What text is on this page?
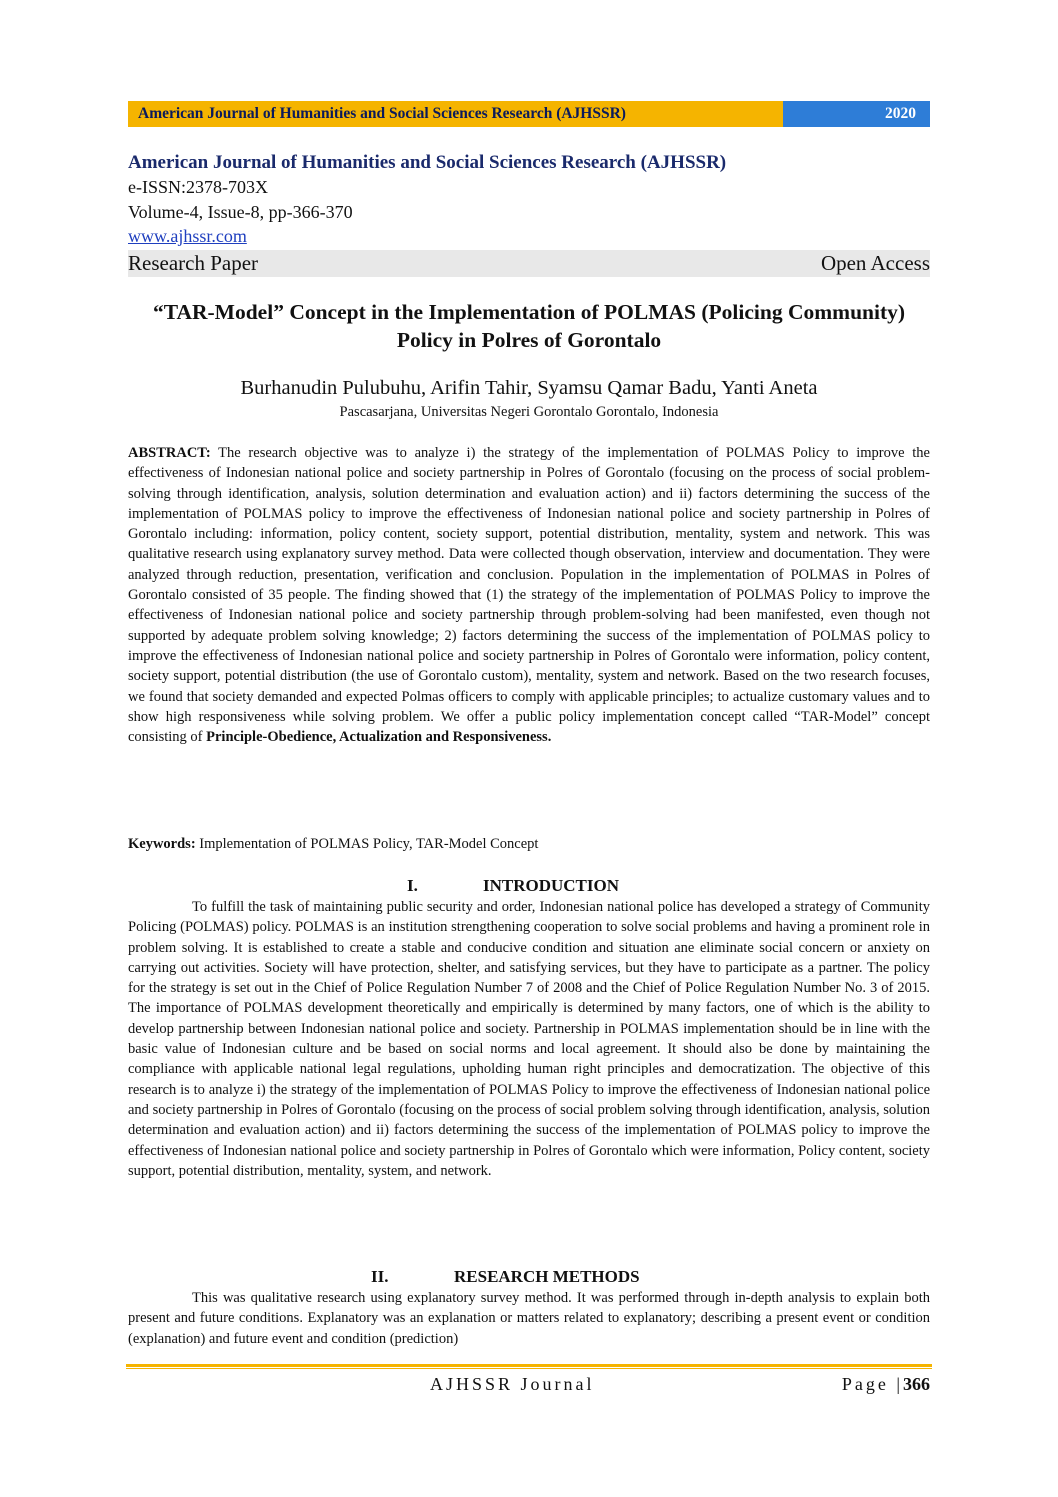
American Journal of Humanities and Social Sciences Research (AJHSSR)	2020
American Journal of Humanities and Social Sciences Research (AJHSSR)
e-ISSN:2378-703X
Volume-4, Issue-8, pp-366-370
www.ajhssr.com
Research Paper	Open Access
“TAR-Model” Concept in the Implementation of POLMAS (Policing Community) Policy in Polres of Gorontalo
Burhanudin Pulubuhu, Arifin Tahir, Syamsu Qamar Badu, Yanti Aneta
Pascasarjana, Universitas Negeri Gorontalo Gorontalo, Indonesia
ABSTRACT: The research objective was to analyze i) the strategy of the implementation of POLMAS Policy to improve the effectiveness of Indonesian national police and society partnership in Polres of Gorontalo (focusing on the process of social problem-solving through identification, analysis, solution determination and evaluation action) and ii) factors determining the success of the implementation of POLMAS policy to improve the effectiveness of Indonesian national police and society partnership in Polres of Gorontalo including: information, policy content, society support, potential distribution, mentality, system and network. This was qualitative research using explanatory survey method. Data were collected though observation, interview and documentation. They were analyzed through reduction, presentation, verification and conclusion. Population in the implementation of POLMAS in Polres of Gorontalo consisted of 35 people. The finding showed that (1) the strategy of the implementation of POLMAS Policy to improve the effectiveness of Indonesian national police and society partnership through problem-solving had been manifested, even though not supported by adequate problem solving knowledge; 2) factors determining the success of the implementation of POLMAS policy to improve the effectiveness of Indonesian national police and society partnership in Polres of Gorontalo were information, policy content, society support, potential distribution (the use of Gorontalo custom), mentality, system and network. Based on the two research focuses, we found that society demanded and expected Polmas officers to comply with applicable principles; to actualize customary values and to show high responsiveness while solving problem. We offer a public policy implementation concept called “TAR-Model” concept consisting of Principle-Obedience, Actualization and Responsiveness.
Keywords: Implementation of POLMAS Policy, TAR-Model Concept
I.	INTRODUCTION
To fulfill the task of maintaining public security and order, Indonesian national police has developed a strategy of Community Policing (POLMAS) policy. POLMAS is an institution strengthening cooperation to solve social problems and having a prominent role in problem solving. It is established to create a stable and conducive condition and situation ane eliminate social concern or anxiety on carrying out activities. Society will have protection, shelter, and satisfying services, but they have to participate as a partner. The policy for the strategy is set out in the Chief of Police Regulation Number 7 of 2008 and the Chief of Police Regulation Number No. 3 of 2015. The importance of POLMAS development theoretically and empirically is determined by many factors, one of which is the ability to develop partnership between Indonesian national police and society. Partnership in POLMAS implementation should be in line with the basic value of Indonesian culture and be based on social norms and local agreement. It should also be done by maintaining the compliance with applicable national legal regulations, upholding human right principles and democratization. The objective of this research is to analyze i) the strategy of the implementation of POLMAS Policy to improve the effectiveness of Indonesian national police and society partnership in Polres of Gorontalo (focusing on the process of social problem solving through identification, analysis, solution determination and evaluation action) and ii) factors determining the success of the implementation of POLMAS policy to improve the effectiveness of Indonesian national police and society partnership in Polres of Gorontalo which were information, Policy content, society support, potential distribution, mentality, system, and network.
II.	RESEARCH METHODS
This was qualitative research using explanatory survey method. It was performed through in-depth analysis to explain both present and future conditions. Explanatory was an explanation or matters related to explanatory; describing a present event or condition (explanation) and future event and condition (prediction)
AJHSSR Journal	Page |366
